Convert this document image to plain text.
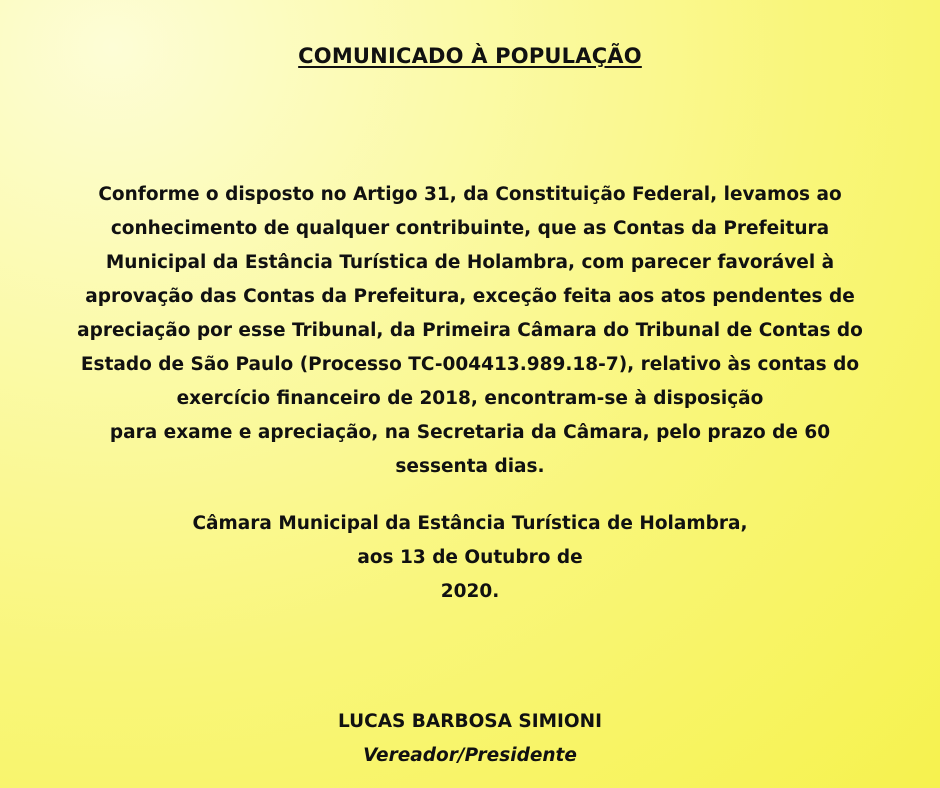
COMUNICADO À POPULAÇÃO
Conforme o disposto no Artigo 31, da Constituição Federal, levamos ao
conhecimento de qualquer contribuinte, que as Contas da Prefeitura
Municipal da Estância Turística de Holambra, com parecer favorável à
aprovação das Contas da Prefeitura, exceção feita aos atos pendentes de
apreciação por esse Tribunal, da Primeira Câmara do Tribunal de Contas do
Estado de São Paulo (Processo TC-004413.989.18-7), relativo às contas do
exercício financeiro de 2018, encontram-se à disposição
para exame e apreciação, na Secretaria da Câmara, pelo prazo de 60
sessenta dias.
Câmara Municipal da Estância Turística de Holambra,
aos 13 de Outubro de
2020.
LUCAS BARBOSA SIMIONI
Vereador/Presidente
